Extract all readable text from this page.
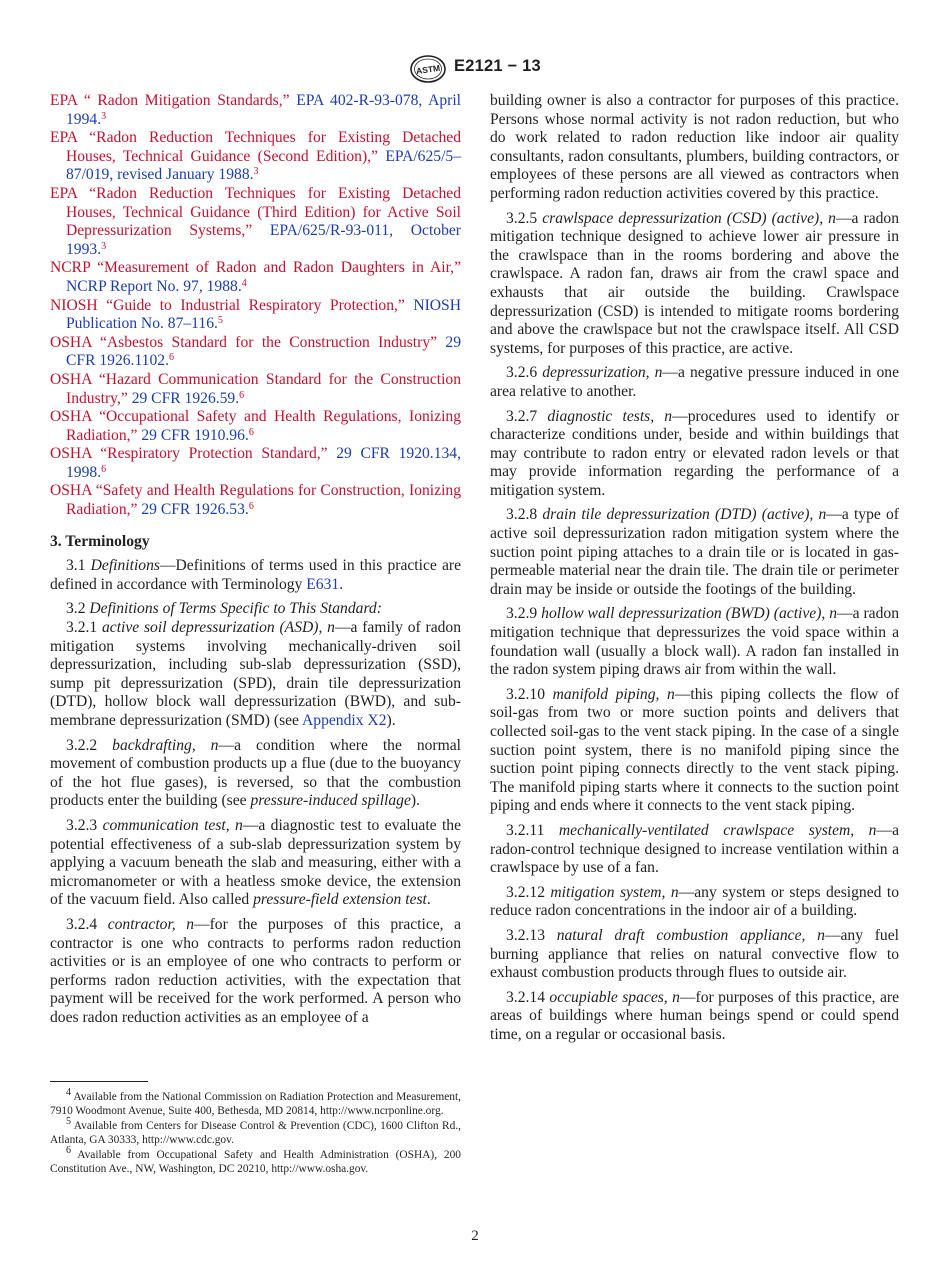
ASTM E2121 − 13

EPA “ Radon Mitigation Standards,” EPA 402-R-93-078, April 1994.$^3$

EPA “Radon Reduction Techniques for Existing Detached Houses, Technical Guidance (Second Edition),” EPA/625/5–87/019, revised January 1988.$^3$

EPA “Radon Reduction Techniques for Existing Detached Houses, Technical Guidance (Third Edition) for Active Soil Depressurization Systems,” EPA/625/R-93-011, October 1993.$^3$

NCRP “Measurement of Radon and Radon Daughters in Air,” NCRP Report No. 97, 1988.$^4$

NIOSH “Guide to Industrial Respiratory Protection,” NIOSH Publication No. 87–116.$^5$

OSHA “Asbestos Standard for the Construction Industry” 29 CFR 1926.1102.$^6$

OSHA “Hazard Communication Standard for the Construction Industry,” 29 CFR 1926.59.$^6$

OSHA “Occupational Safety and Health Regulations, Ionizing Radiation,” 29 CFR 1910.96.$^6$

OSHA “Respiratory Protection Standard,” 29 CFR 1920.134, 1998.$^6$

OSHA “Safety and Health Regulations for Construction, Ionizing Radiation,” 29 CFR 1926.53.$^6$

3. Terminology

3.1 Definitions—Definitions of terms used in this practice are defined in accordance with Terminology E631.

3.2 Definitions of Terms Specific to This Standard:

3.2.1 active soil depressurization (ASD), n—a family of radon mitigation systems involving mechanically-driven soil depressurization, including sub-slab depressurization (SSD), sump pit depressurization (SPD), drain tile depressurization (DTD), hollow block wall depressurization (BWD), and sub-membrane depressurization (SMD) (see Appendix X2).

3.2.2 backdrafting, n—a condition where the normal movement of combustion products up a flue (due to the buoyancy of the hot flue gases), is reversed, so that the combustion products enter the building (see pressure-induced spillage).

3.2.3 communication test, n—a diagnostic test to evaluate the potential effectiveness of a sub-slab depressurization system by applying a vacuum beneath the slab and measuring, either with a micromanometer or with a heatless smoke device, the extension of the vacuum field. Also called pressure-field extension test.

3.2.4 contractor, n—for the purposes of this practice, a contractor is one who contracts to performs radon reduction activities or is an employee of one who contracts to perform or performs radon reduction activities, with the expectation that payment will be received for the work performed. A person who does radon reduction activities as an employee of a

building owner is also a contractor for purposes of this practice. Persons whose normal activity is not radon reduction, but who do work related to radon reduction like indoor air quality consultants, radon consultants, plumbers, building contractors, or employees of these persons are all viewed as contractors when performing radon reduction activities covered by this practice.

3.2.5 crawlspace depressurization (CSD) (active), n—a radon mitigation technique designed to achieve lower air pressure in the crawlspace than in the rooms bordering and above the crawlspace. A radon fan, draws air from the crawl space and exhausts that air outside the building. Crawlspace depressurization (CSD) is intended to mitigate rooms bordering and above the crawlspace but not the crawlspace itself. All CSD systems, for purposes of this practice, are active.

3.2.6 depressurization, n—a negative pressure induced in one area relative to another.

3.2.7 diagnostic tests, n—procedures used to identify or characterize conditions under, beside and within buildings that may contribute to radon entry or elevated radon levels or that may provide information regarding the performance of a mitigation system.

3.2.8 drain tile depressurization (DTD) (active), n—a type of active soil depressurization radon mitigation system where the suction point piping attaches to a drain tile or is located in gas-permeable material near the drain tile. The drain tile or perimeter drain may be inside or outside the footings of the building.

3.2.9 hollow wall depressurization (BWD) (active), n—a radon mitigation technique that depressurizes the void space within a foundation wall (usually a block wall). A radon fan installed in the radon system piping draws air from within the wall.

3.2.10 manifold piping, n—this piping collects the flow of soil-gas from two or more suction points and delivers that collected soil-gas to the vent stack piping. In the case of a single suction point system, there is no manifold piping since the suction point piping connects directly to the vent stack piping. The manifold piping starts where it connects to the suction point piping and ends where it connects to the vent stack piping.

3.2.11 mechanically-ventilated crawlspace system, n—a radon-control technique designed to increase ventilation within a crawlspace by use of a fan.

3.2.12 mitigation system, n—any system or steps designed to reduce radon concentrations in the indoor air of a building.

3.2.13 natural draft combustion appliance, n—any fuel burning appliance that relies on natural convective flow to exhaust combustion products through flues to outside air.

3.2.14 occupiable spaces, n—for purposes of this practice, are areas of buildings where human beings spend or could spend time, on a regular or occasional basis.

$^4$ Available from the National Commission on Radiation Protection and Measurement, 7910 Woodmont Avenue, Suite 400, Bethesda, MD 20814, http://www.ncrponline.org.

$^5$ Available from Centers for Disease Control & Prevention (CDC), 1600 Clifton Rd., Atlanta, GA 30333, http://www.cdc.gov.

$^6$ Available from Occupational Safety and Health Administration (OSHA), 200 Constitution Ave., NW, Washington, DC 20210, http://www.osha.gov.

2
